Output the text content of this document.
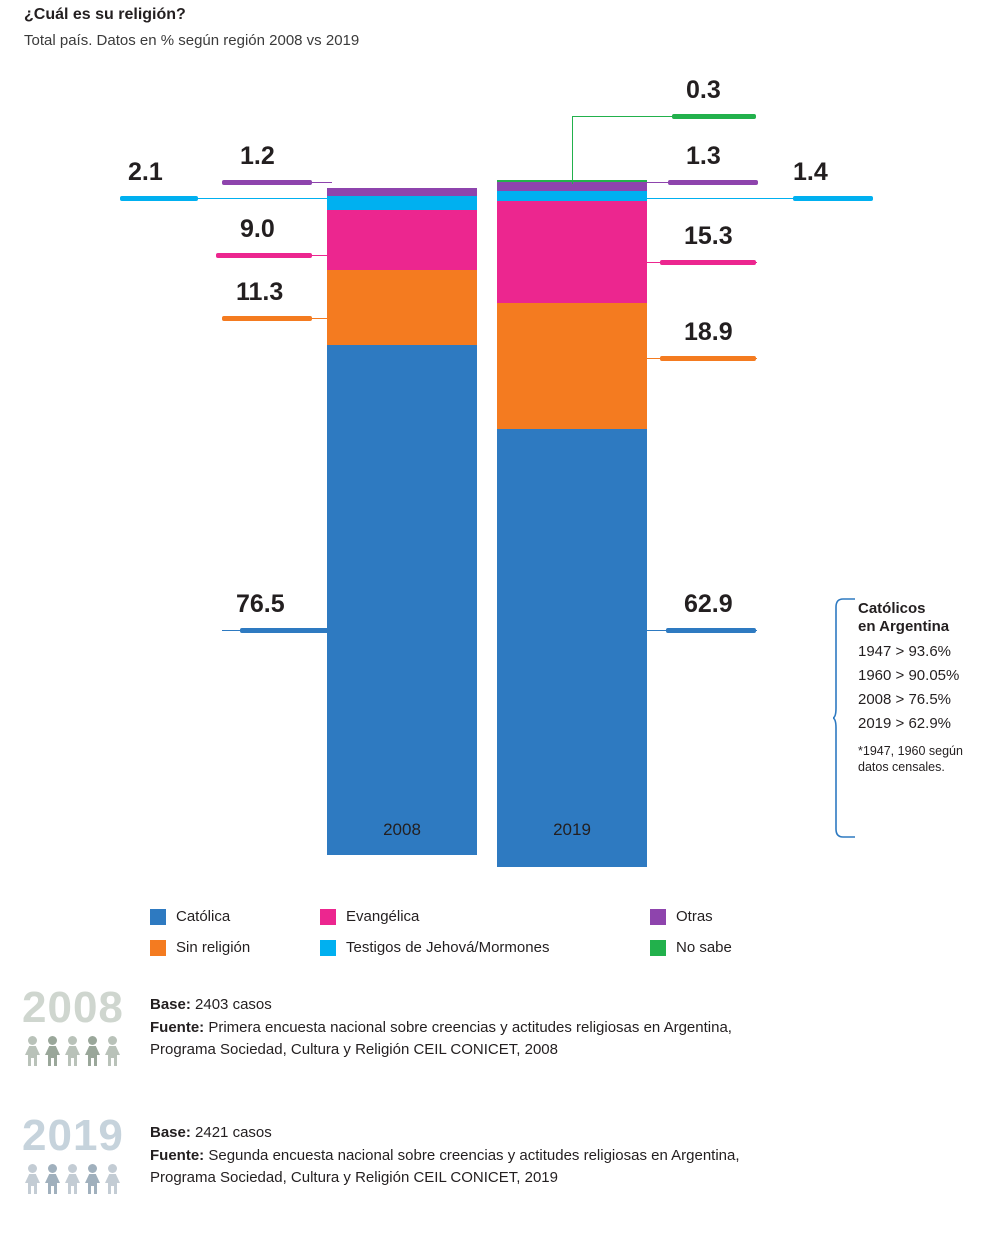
¿Cuál es su religión?
Total país. Datos en % según región 2008 vs 2019
2008	2019
2.1
1.2
9.0
11.3
76.5
0.3
1.3
1.4
15.3
18.9
62.9	Católicos
en Argentina
1947 > 93.6%
1960 > 90.05%
2008 > 76.5%
2019 > 62.9%
*1947, 1960 según
datos censales.
Católica	Evangélica	Otras
Sin religión	Testigos de Jehová/Mormones	No sabe
2008 Base: 2403 casos
Fuente: Primera encuesta nacional sobre creencias y actitudes religiosas en Argentina,
Programa Sociedad, Cultura y Religión CEIL CONICET, 2008
2019 Base: 2421 casos
Fuente: Segunda encuesta nacional sobre creencias y actitudes religiosas en Argentina,
Programa Sociedad, Cultura y Religión CEIL CONICET, 2019
